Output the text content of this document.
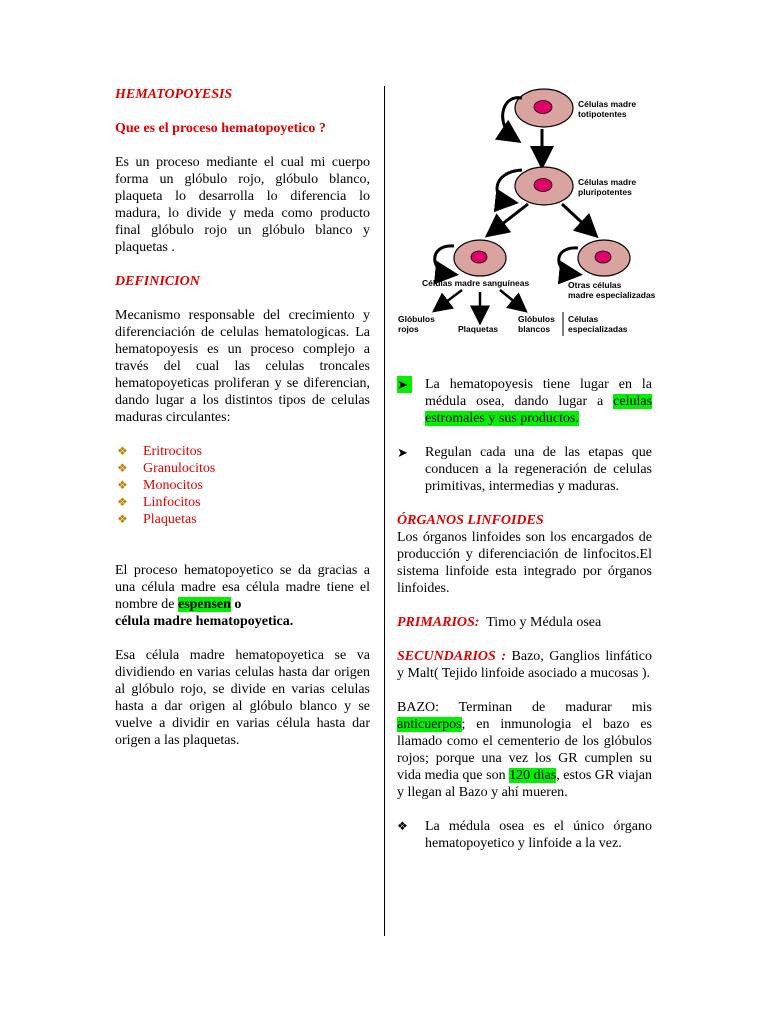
HEMATOPOYESIS
Que es el proceso hematopoyetico ?

Es un proceso mediante el cual mi cuerpo forma un glóbulo rojo, glóbulo blanco, plaqueta lo desarrolla lo diferencia lo madura, lo divide y meda como producto final glóbulo rojo un glóbulo blanco y plaquetas .

DEFINICION

Mecanismo responsable del crecimiento y diferenciación de celulas hematologicas. La hematopoyesis es un proceso complejo a través del cual las celulas troncales hematopoyeticas proliferan y se diferencian, dando lugar a los distintos tipos de celulas maduras circulantes:

❖ Eritrocitos
❖ Granulocitos
❖ Monocitos
❖ Linfocitos
❖ Plaquetas

El proceso hematopoyetico se da gracias a una célula madre esa célula madre tiene el nombre de espensen o
célula madre hematopoyetica.

Esa célula madre hematopoyetica se va dividiendo en varias celulas hasta dar origen al glóbulo rojo, se divide en varias celulas hasta a dar origen al glóbulo blanco y se vuelve a dividir en varias célula hasta dar origen a las plaquetas.

Células madre
totipotentes
Células madre
pluripotentes
Células madre sanguíneas	Otras células
madre especializadas
Glóbulos
rojos	Plaquetas
Glóbulos
blancos
Células
especializadas
➤ La hematopoyesis tiene lugar en la médula osea, dando lugar a celulas estromales y sus productos.
➤ Regulan cada una de las etapas que conducen a la regeneración de celulas primitivas, intermedias y maduras.
ÓRGANOS LINFOIDES

Los órganos linfoides son los encargados de producción y diferenciación de linfocitos.El sistema linfoide esta integrado por órganos linfoides.

PRIMARIOS: Timo y Médula osea

SECUNDARIOS : Bazo, Ganglios linfático y Malt( Tejido linfoide asociado a mucosas ).

BAZO: Terminan de madurar mis anticuerpos; en inmunologia el bazo es llamado como el cementerio de los glóbulos rojos; porque una vez los GR cumplen su vida media que son 120 dias, estos GR viajan y llegan al Bazo y ahí mueren.

❖ La médula osea es el único órgano hematopoyetico y linfoide a la vez.
